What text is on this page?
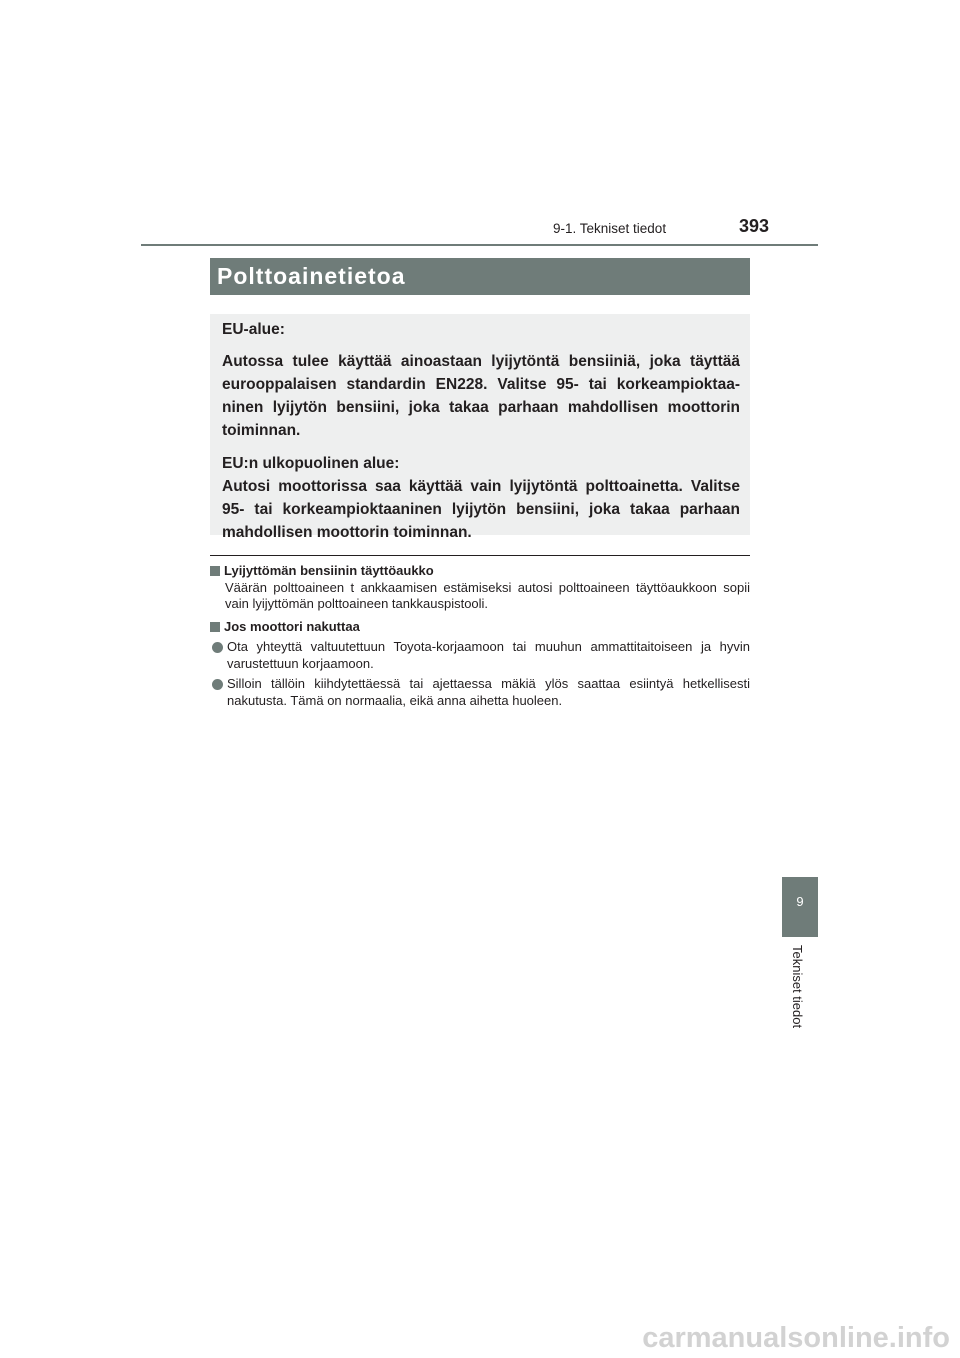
9-1. Tekniset tiedot	393
Polttoainetietoa
EU-alue:

Autossa tulee käyttää ainoastaan lyijytöntä bensiiniä, joka täyttää eurooppalaisen standardin EN228. Valitse 95- tai korkeampioktaaninen lyijytön bensiini, joka takaa parhaan mahdollisen moottorin toiminnan.

EU:n ulkopuolinen alue:

Autosi moottorissa saa käyttää vain lyijytöntä polttoainetta. Valitse 95- tai korkeampioktaaninen lyijytön bensiini, joka takaa parhaan mahdollisen moottorin toiminnan.

Lyijyttömän bensiinin täyttöaukko
Väärän polttoaineen t ankkaamisen estämiseksi autosi polttoaineen täyttöaukkoon sopii vain lyijyttömän polttoaineen tankkauspistooli.
Jos moottori nakuttaa
Ota yhteyttä valtuutettuun Toyota-korjaamoon tai muuhun ammattitaitoiseen ja hyvin varustettuun korjaamoon.
Silloin tällöin kiihdytettäessä tai ajettaessa mäkiä ylös saattaa esiintyä hetkellisesti nakutusta. Tämä on normaalia, eikä anna aihetta huoleen.
9
Tekniset tiedot
carmanualsonline.info
